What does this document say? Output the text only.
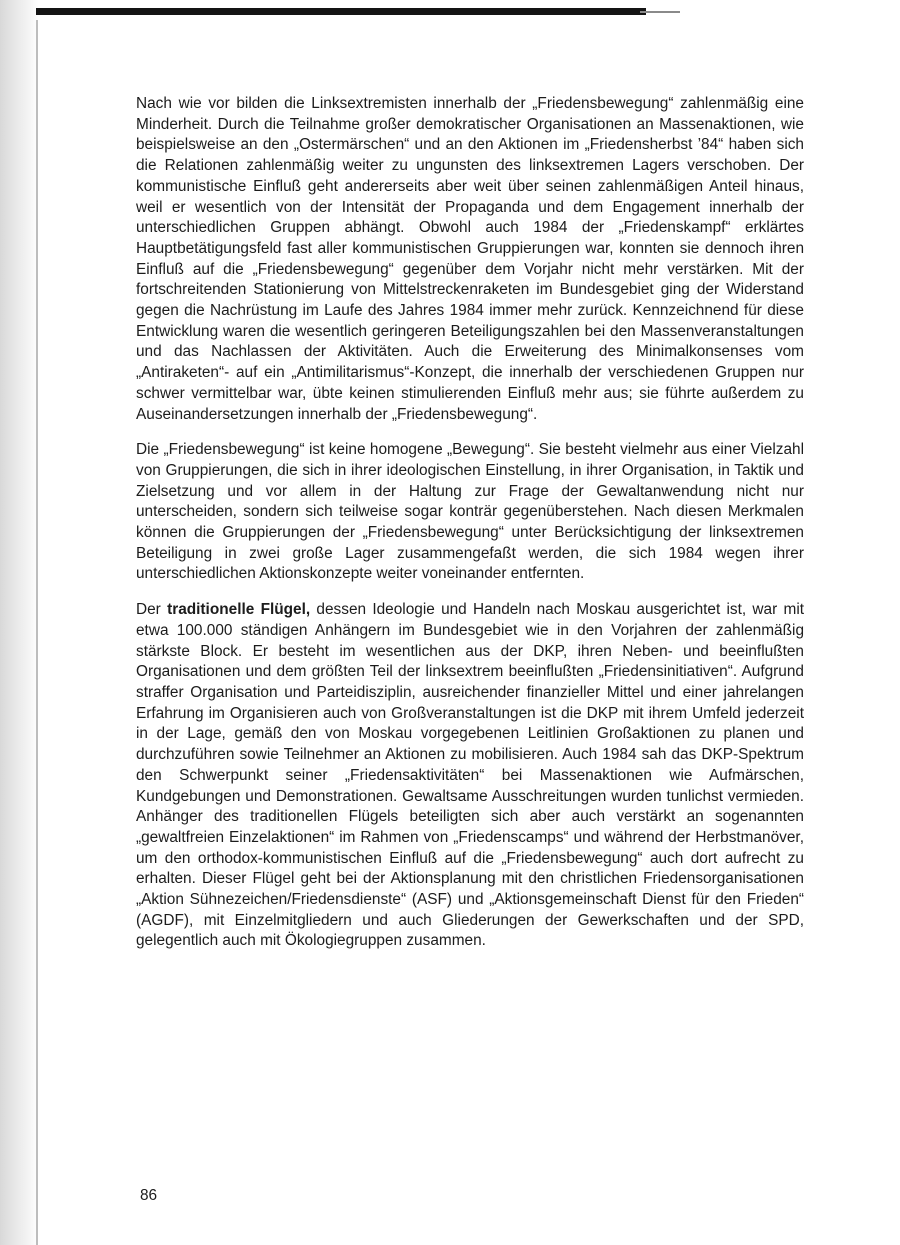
Nach wie vor bilden die Linksextremisten innerhalb der „Friedensbewegung“ zahlenmäßig eine Minderheit. Durch die Teilnahme großer demokratischer Organisationen an Massenaktionen, wie beispielsweise an den „Ostermärschen“ und an den Aktionen im „Friedensherbst ’84“ haben sich die Relationen zahlenmäßig weiter zu ungunsten des linksextremen Lagers verschoben. Der kommunistische Einfluß geht andererseits aber weit über seinen zahlenmäßigen Anteil hinaus, weil er wesentlich von der Intensität der Propaganda und dem Engagement innerhalb der unterschiedlichen Gruppen abhängt. Obwohl auch 1984 der „Friedenskampf“ erklärtes Hauptbetätigungsfeld fast aller kommunistischen Gruppierungen war, konnten sie dennoch ihren Einfluß auf die „Friedensbewegung“ gegenüber dem Vorjahr nicht mehr verstärken. Mit der fortschreitenden Stationierung von Mittelstreckenraketen im Bundesgebiet ging der Widerstand gegen die Nachrüstung im Laufe des Jahres 1984 immer mehr zurück. Kennzeichnend für diese Entwicklung waren die wesentlich geringeren Beteiligungszahlen bei den Massenveranstaltungen und das Nachlassen der Aktivitäten. Auch die Erweiterung des Minimalkonsenses vom „Antiraketen“- auf ein „Antimilitarismus“-Konzept, die innerhalb der verschiedenen Gruppen nur schwer vermittelbar war, übte keinen stimulierenden Einfluß mehr aus; sie führte außerdem zu Auseinandersetzungen innerhalb der „Friedensbewegung“.

Die „Friedensbewegung“ ist keine homogene „Bewegung“. Sie besteht vielmehr aus einer Vielzahl von Gruppierungen, die sich in ihrer ideologischen Einstellung, in ihrer Organisation, in Taktik und Zielsetzung und vor allem in der Haltung zur Frage der Gewaltanwendung nicht nur unterscheiden, sondern sich teilweise sogar konträr gegenüberstehen. Nach diesen Merkmalen können die Gruppierungen der „Friedensbewegung“ unter Berücksichtigung der linksextremen Beteiligung in zwei große Lager zusammengefaßt werden, die sich 1984 wegen ihrer unterschiedlichen Aktionskonzepte weiter voneinander entfernten.

Der traditionelle Flügel, dessen Ideologie und Handeln nach Moskau ausgerichtet ist, war mit etwa 100.000 ständigen Anhängern im Bundesgebiet wie in den Vorjahren der zahlenmäßig stärkste Block. Er besteht im wesentlichen aus der DKP, ihren Neben- und beeinflußten Organisationen und dem größten Teil der linksextrem beeinflußten „Friedensinitiativen“. Aufgrund straffer Organisation und Parteidisziplin, ausreichender finanzieller Mittel und einer jahrelangen Erfahrung im Organisieren auch von Großveranstaltungen ist die DKP mit ihrem Umfeld jederzeit in der Lage, gemäß den von Moskau vorgegebenen Leitlinien Großaktionen zu planen und durchzuführen sowie Teilnehmer an Aktionen zu mobilisieren. Auch 1984 sah das DKP-Spektrum den Schwerpunkt seiner „Friedensaktivitäten“ bei Massenaktionen wie Aufmärschen, Kundgebungen und Demonstrationen. Gewaltsame Ausschreitungen wurden tunlichst vermieden. Anhänger des traditionellen Flügels beteiligten sich aber auch verstärkt an sogenannten „gewaltfreien Einzelaktionen“ im Rahmen von „Friedenscamps“ und während der Herbstmanöver, um den orthodox-kommunistischen Einfluß auf die „Friedensbewegung“ auch dort aufrecht zu erhalten. Dieser Flügel geht bei der Aktionsplanung mit den christlichen Friedensorganisationen „Aktion Sühnezeichen/Friedensdienste“ (ASF) und „Aktionsgemeinschaft Dienst für den Frieden“ (AGDF), mit Einzelmitgliedern und auch Gliederungen der Gewerkschaften und der SPD, gelegentlich auch mit Ökologiegruppen zusammen.

86
